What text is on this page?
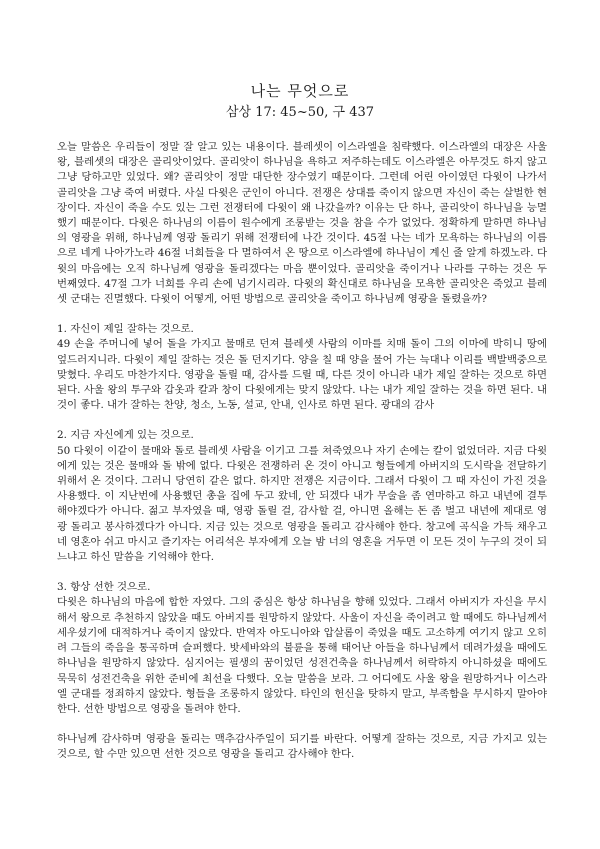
나는 무엇으로
삼상 17: 45~50, 구 437

오늘 말씀은 우리들이 정말 잘 알고 있는 내용이다. 블레셋이 이스라엘을 침략했다. 이스라엘의 대장은 사울 왕, 블레셋의 대장은 골리앗이었다. 골리앗이 하나님을 욕하고 저주하는데도 이스라엘은 아무것도 하지 않고 그냥 당하고만 있었다. 왜? 골리앗이 정말 대단한 장수였기 때문이다. 그런데 어린 아이였던 다윗이 나가서 골리앗을 그냥 죽여 버렸다. 사실 다윗은 군인이 아니다. 전쟁은 상대를 죽이지 않으면 자신이 죽는 살벌한 현장이다. 자신이 죽을 수도 있는 그런 전쟁터에 다윗이 왜 나갔을까? 이유는 단 하나, 골리앗이 하나님을 능멸했기 때문이다. 다윗은 하나님의 이름이 원수에게 조롱받는 것을 참을 수가 없었다. 정확하게 말하면 하나님의 영광을 위해, 하나님께 영광 돌리기 위해 전쟁터에 나간 것이다. 45절 나는 네가 모욕하는 하나님의 이름으로 네게 나아가노라 46절 너희들을 다 멸하여서 온 땅으로 이스라엘에 하나님이 계신 줄 알게 하겠노라. 다윗의 마음에는 오직 하나님께 영광을 돌리겠다는 마음 뿐이었다. 골리앗을 죽이거나 나라를 구하는 것은 두 번째였다. 47절 그가 너희를 우리 손에 넘기시리라. 다윗의 확신대로 하나님을 모욕한 골리앗은 죽었고 블레셋 군대는 진멸했다. 다윗이 어떻게, 어떤 방법으로 골리앗을 죽이고 하나님께 영광을 돌렸을까?

1. 자신이 제일 잘하는 것으로.

49 손을 주머니에 넣어 돌을 가지고 물매로 던져 블레셋 사람의 이마를 치매 돌이 그의 이마에 박히니 땅에 엎드러지니라. 다윗이 제일 잘하는 것은 돌 던지기다. 양을 칠 때 양을 물어 가는 늑대나 이리를 백발백중으로 맞혔다. 우리도 마찬가지다. 영광을 돌릴 때, 감사를 드릴 때, 다른 것이 아니라 내가 제일 잘하는 것으로 하면 된다. 사울 왕의 투구와 갑옷과 칼과 창이 다윗에게는 맞지 않았다. 나는 내가 제일 잘하는 것을 하면 된다. 내 것이 좋다. 내가 잘하는 찬양, 청소, 노동, 설교, 안내, 인사로 하면 된다. 광대의 감사

2. 지금 자신에게 있는 것으로.

50 다윗이 이같이 물매와 돌로 블레셋 사람을 이기고 그를 쳐죽였으나 자기 손에는 칼이 없었더라. 지금 다윗에게 있는 것은 물매와 돌 밖에 없다. 다윗은 전쟁하러 온 것이 아니고 형들에게 아버지의 도시락을 전달하기 위해서 온 것이다. 그러니 당연히 같은 없다. 하지만 전쟁은 지금이다. 그래서 다윗이 그 때 자신이 가진 것을 사용했다. 이 지난번에 사용했던 총을 집에 두고 왔네, 안 되겠다 내가 무술을 좀 연마하고 하고 내년에 결투해야겠다가 아니다. 젊고 부자였을 때, 영광 돌릴 걸, 감사할 걸, 아니면 올해는 돈 좀 벌고 내년에 제대로 영광 돌리고 봉사하겠다가 아니다. 지금 있는 것으로 영광을 돌리고 감사해야 한다. 창고에 곡식을 가득 채우고 네 영혼아 쉬고 마시고 즐기자는 어리석은 부자에게 오늘 밤 너의 영혼을 거두면 이 모든 것이 누구의 것이 되느냐고 하신 말씀을 기억해야 한다.

3. 항상 선한 것으로.

다윗은 하나님의 마음에 합한 자였다. 그의 중심은 항상 하나님을 향해 있었다. 그래서 아버지가 자신을 무시해서 왕으로 추천하지 않았을 때도 아버지를 원망하지 않았다. 사울이 자신을 죽이려고 할 때에도 하나님께서 세우셨기에 대적하거나 죽이지 않았다. 반역자 아도니아와 압살롬이 죽었을 때도 고소하게 여기지 않고 오히려 그들의 죽음을 통곡하며 슬퍼했다. 밧세바와의 불륜을 통해 태어난 아들을 하나님께서 데려가셨을 때에도 하나님을 원망하지 않았다. 심지어는 필생의 꿈이었던 성전건축을 하나님께서 허락하지 아니하셨을 때에도 묵묵히 성전건축을 위한 준비에 최선을 다했다. 오늘 말씀을 보라. 그 어디에도 사울 왕을 원망하거나 이스라엘 군대를 정죄하지 않았다. 형들을 조롱하지 않았다. 타인의 헌신을 탓하지 말고, 부족함을 무시하지 말아야 한다. 선한 방법으로 영광을 돌려야 한다.

하나님께 감사하며 영광을 돌리는 맥추감사주일이 되기를 바란다. 어떻게 잘하는 것으로, 지금 가지고 있는 것으로, 할 수만 있으면 선한 것으로 영광을 돌리고 감사해야 한다.
